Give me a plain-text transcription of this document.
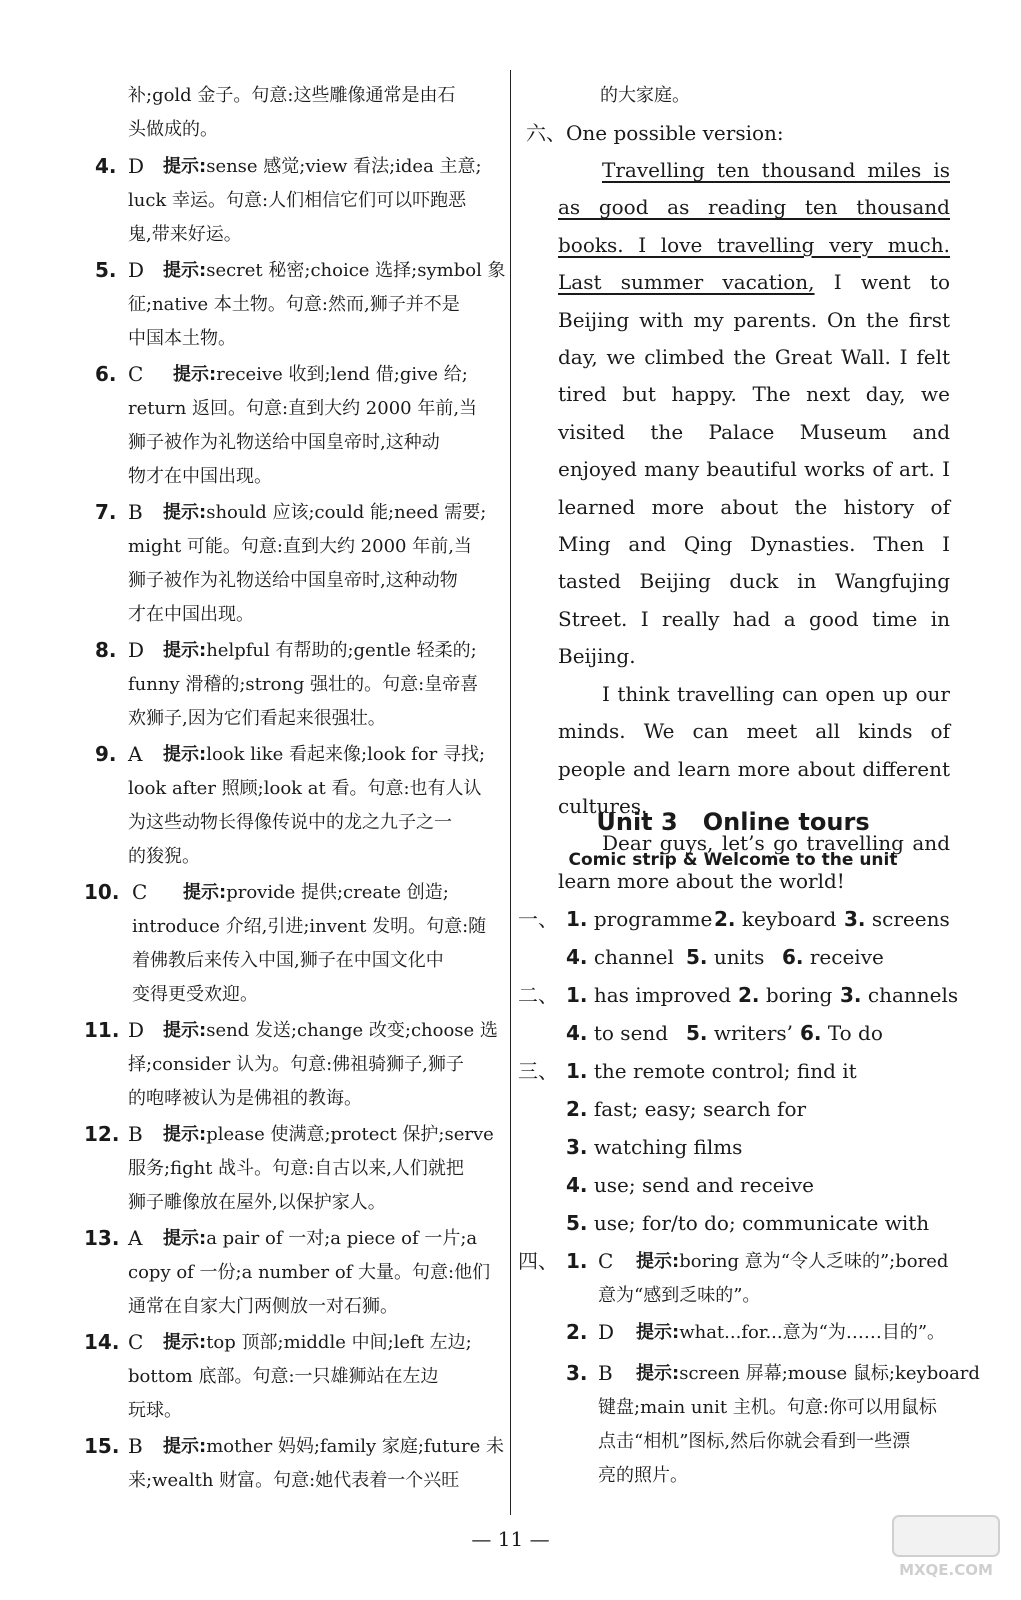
补;gold 金子。句意:这些雕像通常是由石
头做成的。
4. D 提示:sense 感觉;view 看法;idea 主意;
luck 幸运。句意:人们相信它们可以吓跑恶
鬼,带来好运。
5. D 提示:secret 秘密;choice 选择;symbol 象
征;native 本土物。句意:然而,狮子并不是
中国本土物。
6. C 提示:receive 收到;lend 借;give 给;
return 返回。句意:直到大约 2000 年前,当
狮子被作为礼物送给中国皇帝时,这种动
物才在中国出现。
7. B 提示:should 应该;could 能;need 需要;
might 可能。句意:直到大约 2000 年前,当
狮子被作为礼物送给中国皇帝时,这种动物
才在中国出现。
8. D 提示:helpful 有帮助的;gentle 轻柔的;
funny 滑稽的;strong 强壮的。句意:皇帝喜
欢狮子,因为它们看起来很强壮。
9. A 提示:look like 看起来像;look for 寻找;
look after 照顾;look at 看。句意:也有人认
为这些动物长得像传说中的龙之九子之一
的狻猊。
10. C 提示:provide 提供;create 创造;
introduce 介绍,引进;invent 发明。句意:随
着佛教后来传入中国,狮子在中国文化中
变得更受欢迎。
11. D 提示:send 发送;change 改变;choose 选
择;consider 认为。句意:佛祖骑狮子,狮子
的咆哮被认为是佛祖的教诲。
12. B 提示:please 使满意;protect 保护;serve
服务;fight 战斗。句意:自古以来,人们就把
狮子雕像放在屋外,以保护家人。
13. A 提示:a pair of 一对;a piece of 一片;a
copy of 一份;a number of 大量。句意:他们
通常在自家大门两侧放一对石狮。
14. C 提示:top 顶部;middle 中间;left 左边;
bottom 底部。句意:一只雄狮站在左边
玩球。
15. B 提示:mother 妈妈;family 家庭;future 未
来;wealth 财富。句意:她代表着一个兴旺
的大家庭。
六、One possible version:

Travelling ten thousand miles is as good as reading ten thousand books. I love travelling very much. Last summer vacation, I went to Beijing with my parents. On the first day, we climbed the Great Wall. I felt tired but happy. The next day, we visited the Palace Museum and enjoyed many beautiful works of art. I learned more about the history of Ming and Qing Dynasties. Then I tasted Beijing duck in Wangfujing Street. I really had a good time in Beijing.

I think travelling can open up our minds. We can meet all kinds of people and learn more about different cultures.

Dear guys, let’s go travelling and learn more about the world!

Unit 3   Online tours
Comic strip & Welcome to the unit
一、 1. programme 2. keyboard 3. screens
4. channel 5. units 6. receive
二、 1. has improved 2. boring 3. channels
4. to send 5. writers’ 6. To do
三、 1. the remote control; find it
2. fast; easy; search for
3. watching films
4. use; send and receive
5. use; for/to do; communicate with
四、 1. C 提示:boring 意为“令人乏味的”;bored
意为“感到乏味的”。
2. D 提示:what...for...意为“为……目的”。
3. B 提示:screen 屏幕;mouse 鼠标;keyboard
键盘;main unit 主机。句意:你可以用鼠标
点击“相机”图标,然后你就会看到一些漂
亮的照片。
— 11 —
MXQE.COM
